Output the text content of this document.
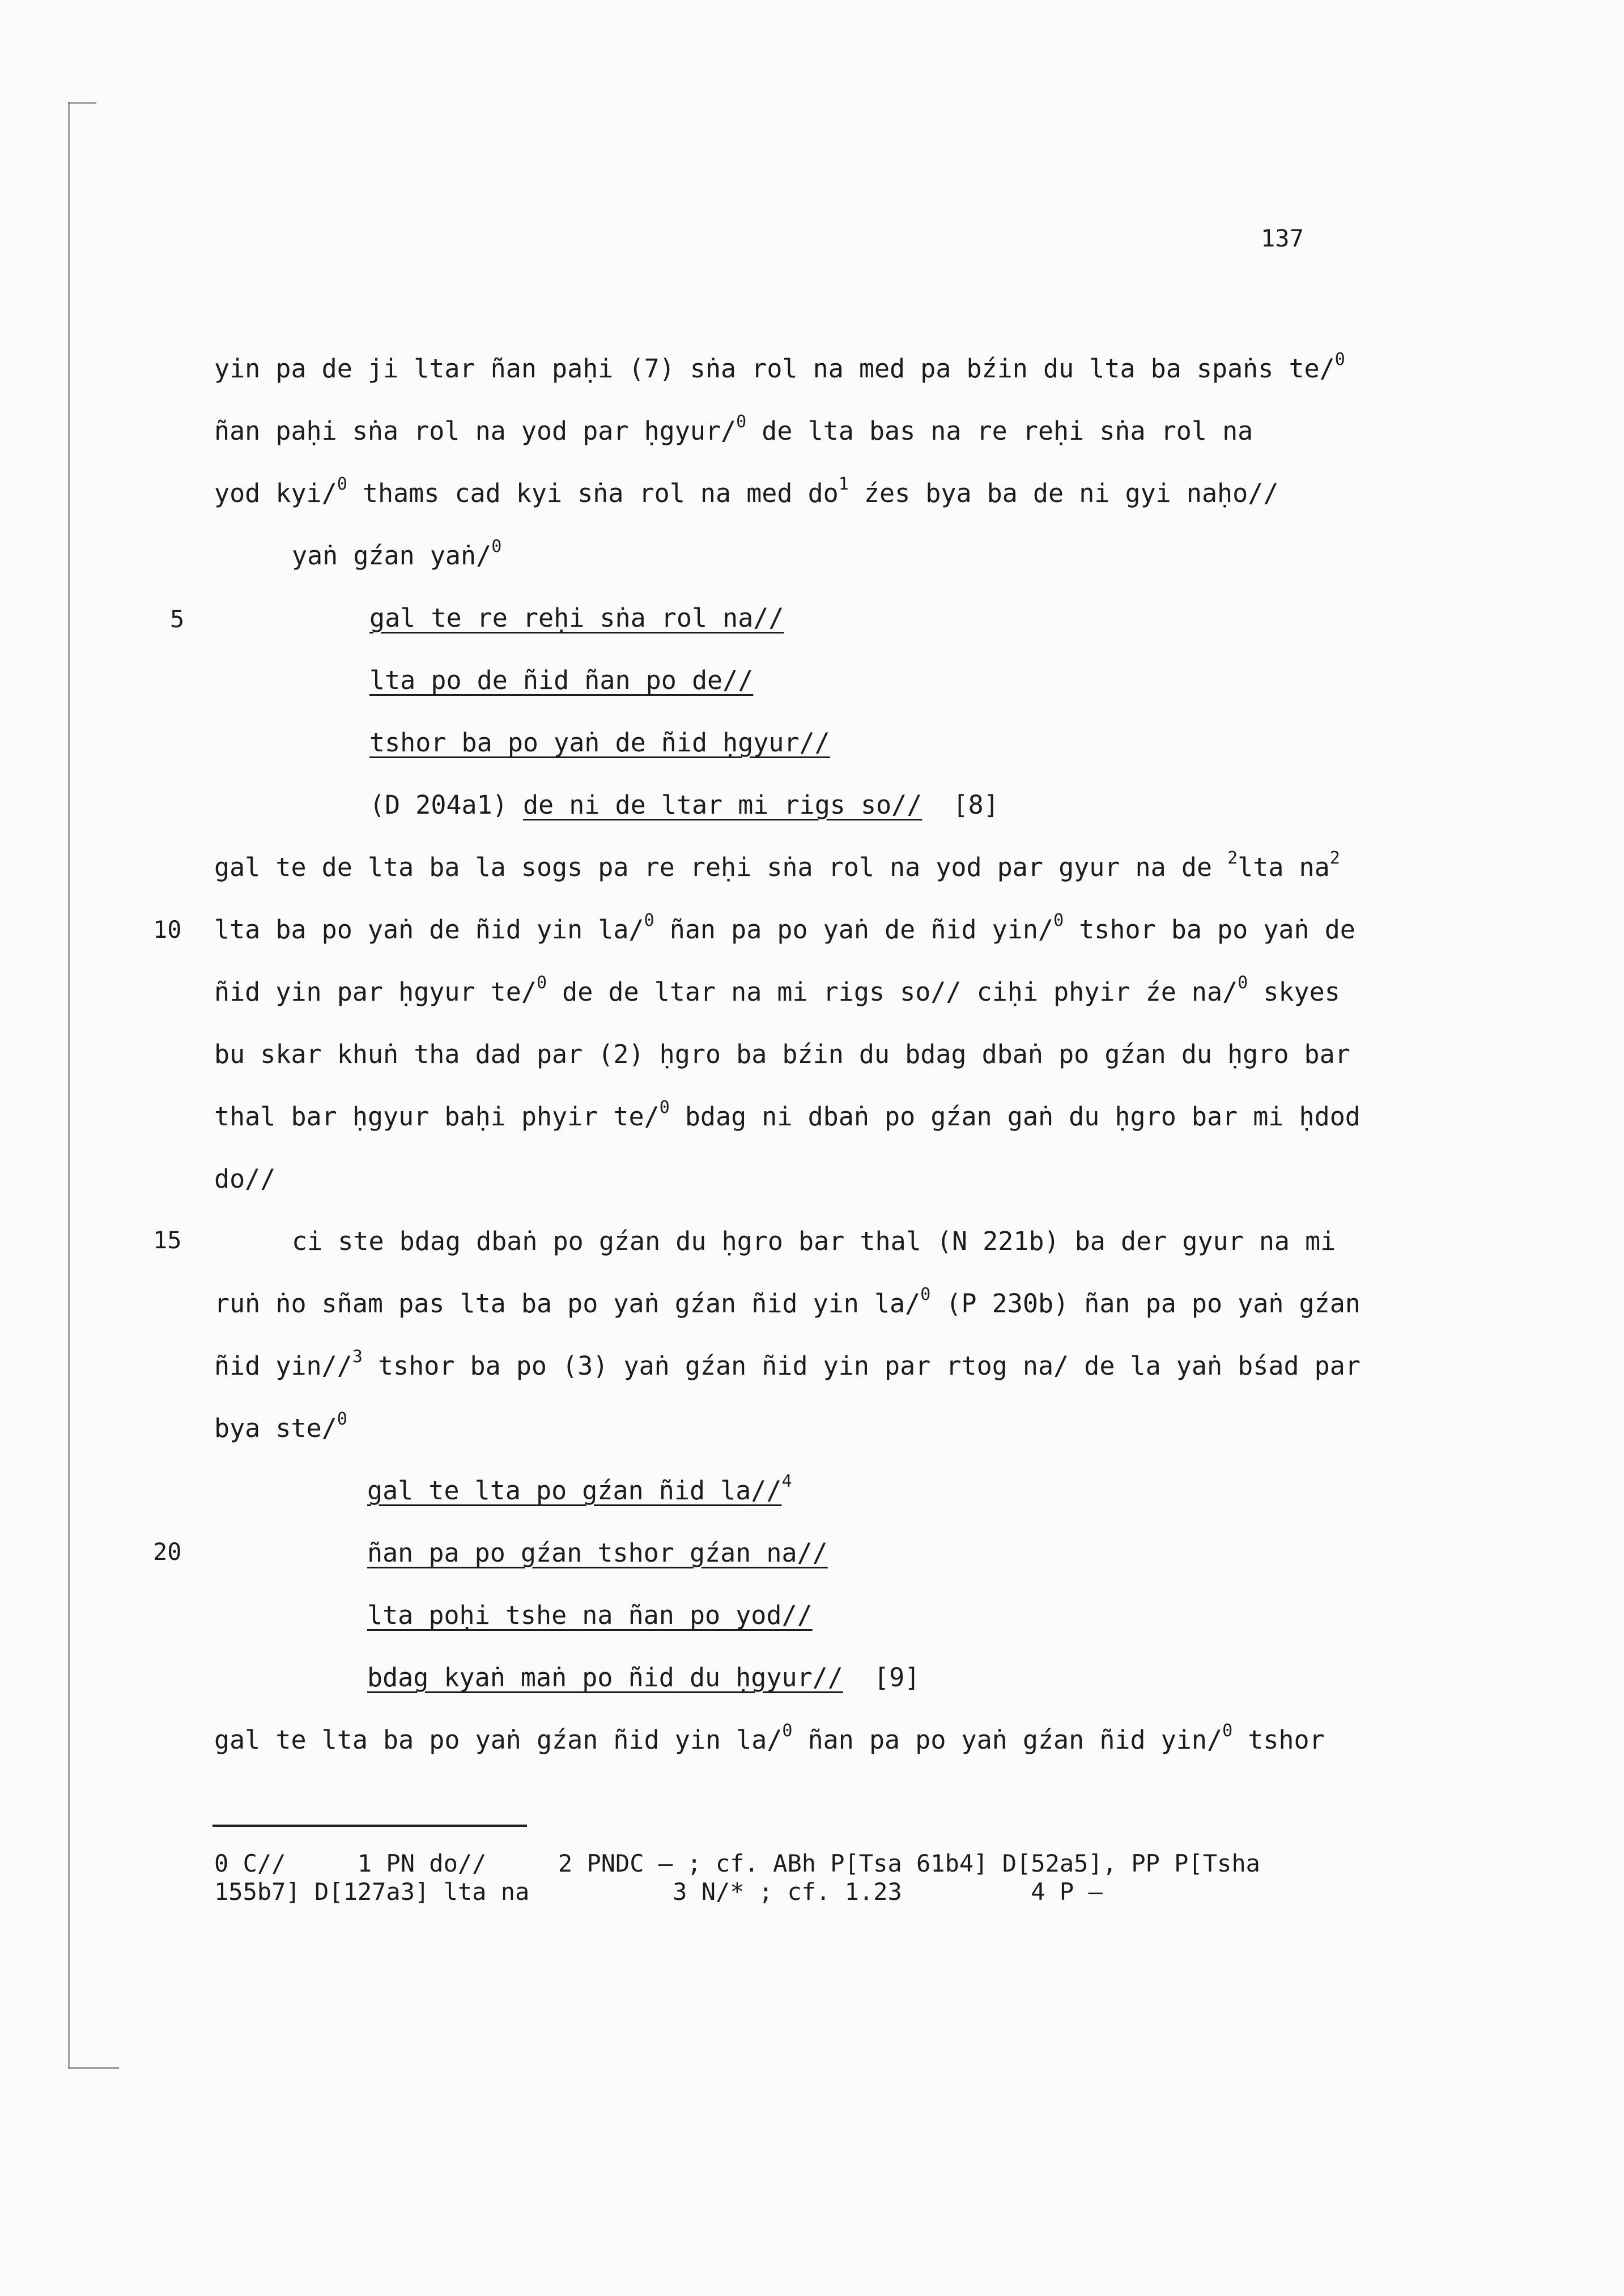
137
5
10
15
20
yin pa de ji ltar ñan paḥi (7) sṅa rol na med pa bźin du lta ba spaṅs te/$^0$
ñan paḥi sṅa rol na yod par ḥgyur/$^0$ de lta bas na re reḥi sṅa rol na
yod kyi/$^0$ thams cad kyi sṅa rol na med $do^1$ źes bya ba de ni gyi naḥo//
yaṅ gźan yaṅ/$^0$
gal te re reḥi sṅa rol na//
lta po de ñid ñan po de//
tshor ba po yaṅ de ñid ḥgyur//
(D 204a1) de ni de ltar mi rigs so//  [8]
gal te de lta ba la sogs pa re reḥi sṅa rol na yod par gyur na de $^2$lta $na^2$
lta ba po yaṅ de ñid yin la/$^0$ ñan pa po yaṅ de ñid yin/$^0$ tshor ba po yaṅ de
ñid yin par ḥgyur te/$^0$ de de ltar na mi rigs so// ciḥi phyir źe na/$^0$ skyes
bu skar khuṅ tha dad par (2) ḥgro ba bźin du bdag dbaṅ po gźan du ḥgro bar
thal bar ḥgyur baḥi phyir te/$^0$ bdag ni dbaṅ po gźan gaṅ du ḥgro bar mi ḥdod
do//
ci ste bdag dbaṅ po gźan du ḥgro bar thal (N 221b) ba der gyur na mi
ruṅ ṅo sñam pas lta ba po yaṅ gźan ñid yin la/$^0$ (P 230b) ñan pa po yaṅ gźan
ñid yin//$^3$ tshor ba po (3) yaṅ gźan ñid yin par rtog na/ de la yaṅ bśad par
bya ste/$^0$
gal te lta po gźan ñid la//$^4$
ñan pa po gźan tshor gźan na//
lta poḥi tshe na ñan po yod//
bdag kyaṅ maṅ po ñid du ḥgyur//  [9]
gal te lta ba po yaṅ gźan ñid yin la/$^0$ ñan pa po yaṅ gźan ñid yin/$^0$ tshor
0 C//     1 PN do//     2 PNDC — ; cf. ABh P[Tsa 61b4] D[52a5], PP P[Tsha
155b7] D[127a3] lta na          3 N/* ; cf. 1.23         4 P —
